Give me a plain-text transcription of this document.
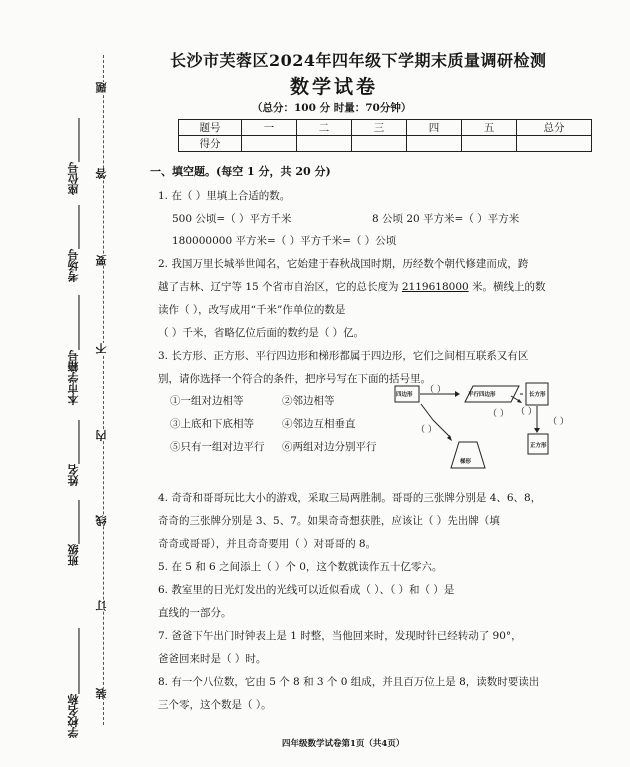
学校名称____________
班级________
姓名________
本市学籍号__________
考场号________
座位号________
装
订
线
内
不
要
答
题
长沙市芙蓉区2024年四年级下学期末质量调研检测
数学试卷
（总分：100 分 时量：70分钟）
题号	一	二	三	四	五	总分
得分						
一、填空题。(每空 1 分，共 20 分)
1. 在（ ）里填上合适的数。
500 公顷=（ ）平方千米	8 公顷 20 平方米=（ ）平方米
180000000 平方米=（ ）平方千米=（ ）公顷
2. 我国万里长城举世闻名，它始建于春秋战国时期，历经数个朝代修建而成，跨
越了吉林、辽宁等 15 个省市自治区，它的总长度为 2119618000 米。横线上的数
读作（ ），改写成用“千米”作单位的数是
（ ）千米，省略亿位后面的数约是（ ）亿。
3. 长方形、正方形、平行四边形和梯形都属于四边形，它们之间相互联系又有区
别，请你选择一个符合的条件，把序号写在下面的括号里。
①一组对边相等	②邻边相等
③上底和下底相等	④邻边互相垂直
⑤只有一组对边平行 ⑥两组对边分别平行
四边形	平行四边形	长方形
正方形
梯形
（ ）
（ ） （ ）
（ ）
（ ）
4. 奇奇和哥哥玩比大小的游戏，采取三局两胜制。哥哥的三张牌分别是 4、6、8，
奇奇的三张牌分别是 3、5、7。如果奇奇想获胜，应该让（ ）先出牌（填
奇奇或哥哥），并且奇奇要用（ ）对哥哥的 8。
5. 在 5 和 6 之间添上（ ）个 0，这个数就读作五十亿零六。
6. 教室里的日光灯发出的光线可以近似看成（ ）、（ ）和（ ）是
直线的一部分。
7. 爸爸下午出门时钟表上是 1 时整，当他回来时，发现时针已经转动了 90°，
爸爸回来时是（ ）时。
8. 有一个八位数，它由 5 个 8 和 3 个 0 组成，并且百万位上是 8，读数时要读出
三个零，这个数是（ ）。
四年级数学试卷第1页（共4页）
